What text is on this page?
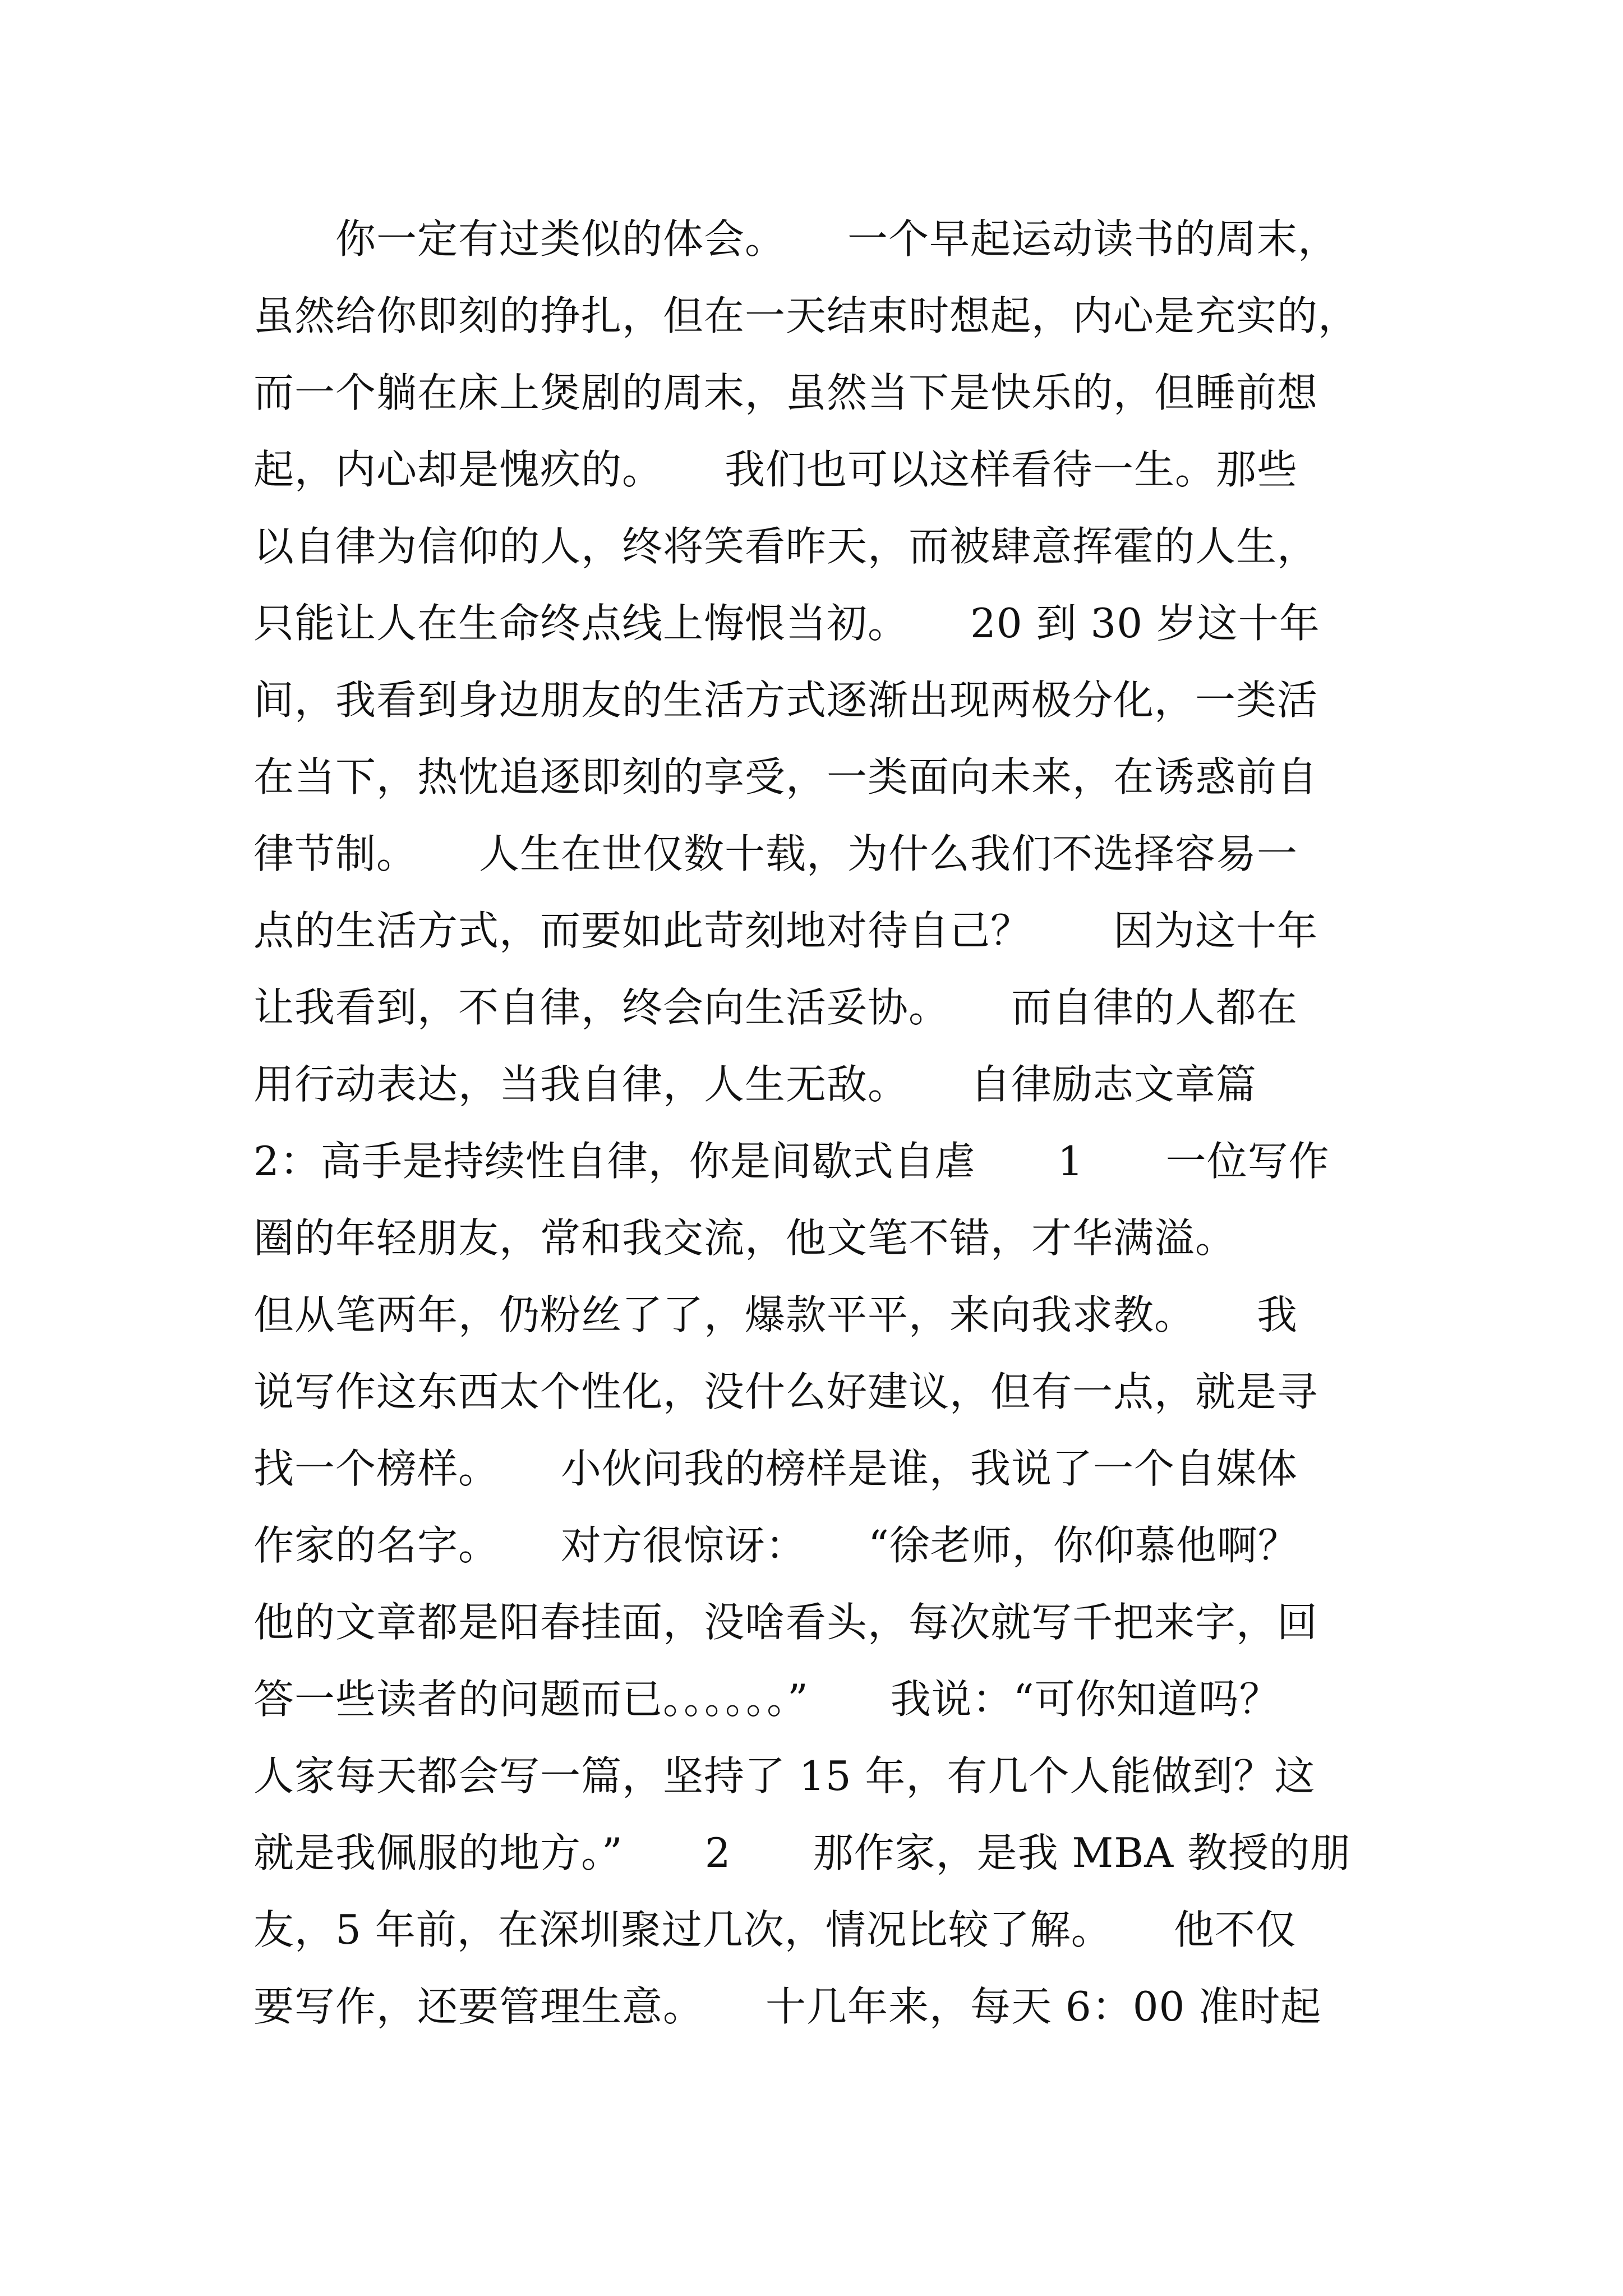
　　你一定有过类似的体会。　　一个早起运动读书的周末，
虽然给你即刻的挣扎，但在一天结束时想起，内心是充实的，
而一个躺在床上煲剧的周末，虽然当下是快乐的，但睡前想
起，内心却是愧疚的。　　我们也可以这样看待一生。那些
以自律为信仰的人，终将笑看昨天，而被肆意挥霍的人生，
只能让人在生命终点线上悔恨当初。　　20 到 30 岁这十年
间，我看到身边朋友的生活方式逐渐出现两极分化，一类活
在当下，热忱追逐即刻的享受，一类面向未来，在诱惑前自
律节制。　　人生在世仅数十载，为什么我们不选择容易一
点的生活方式，而要如此苛刻地对待自己？　　因为这十年
让我看到，不自律，终会向生活妥协。　　而自律的人都在
用行动表达，当我自律，人生无敌。　　自律励志文章篇
2：高手是持续性自律，你是间歇式自虐　　1　　一位写作
圈的年轻朋友，常和我交流，他文笔不错，才华满溢。
但从笔两年，仍粉丝了了，爆款平平，来向我求教。　　我
说写作这东西太个性化，没什么好建议，但有一点，就是寻
找一个榜样。　　小伙问我的榜样是谁，我说了一个自媒体
作家的名字。　　对方很惊讶：　　“徐老师，你仰慕他啊？
他的文章都是阳春挂面，没啥看头，每次就写千把来字，回
答一些读者的问题而已。。。。。。”　　我说：“可你知道吗？
人家每天都会写一篇，坚持了 15 年，有几个人能做到？这
就是我佩服的地方。”　　2　　那作家，是我 MBA 教授的朋
友，5 年前，在深圳聚过几次，情况比较了解。　　他不仅
要写作，还要管理生意。　　十几年来，每天 6：00 准时起
